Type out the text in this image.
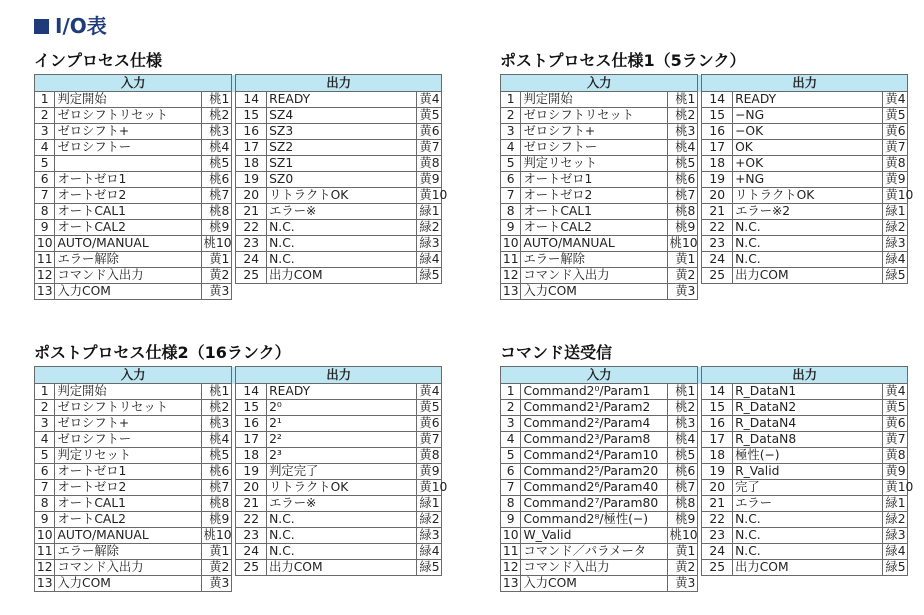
I/O表
インプロセス仕様
入力				出力		
1	判定開始	桃1		14	READY	黄4
2	ゼロシフトリセット	桃2		15	SZ4	黄5
3	ゼロシフト+	桃3		16	SZ3	黄6
4	ゼロシフトー	桃4		17	SZ2	黄7
5		桃5		18	SZ1	黄8
6	オートゼロ1	桃6		19	SZ0	黄9
7	オートゼロ2	桃7		20	リトラクトOK	黄10
8	オートCAL1	桃8		21	エラー※	緑1
9	オートCAL2	桃9		22	N.C.	緑2
10	AUTO/MANUAL	桃10		23	N.C.	緑3
11	エラー解除	黄1		24	N.C.	緑4
12	コマンド入出力	黄2		25	出力COM	緑5
13	入力COM	黄3				
ポストプロセス仕様1（5ランク）
入力				出力		
1	判定開始	桃1		14	READY	黄4
2	ゼロシフトリセット	桃2		15	−NG	黄5
3	ゼロシフト+	桃3		16	−OK	黄6
4	ゼロシフトー	桃4		17	OK	黄7
5	判定リセット	桃5		18	+OK	黄8
6	オートゼロ1	桃6		19	+NG	黄9
7	オートゼロ2	桃7		20	リトラクトOK	黄10
8	オートCAL1	桃8		21	エラー※2	緑1
9	オートCAL2	桃9		22	N.C.	緑2
10	AUTO/MANUAL	桃10		23	N.C.	緑3
11	エラー解除	黄1		24	N.C.	緑4
12	コマンド入出力	黄2		25	出力COM	緑5
13	入力COM	黄3				
ポストプロセス仕様2（16ランク）
入力				出力		
1	判定開始	桃1		14	READY	黄4
2	ゼロシフトリセット	桃2		15	2⁰	黄5
3	ゼロシフト+	桃3		16	2¹	黄6
4	ゼロシフトー	桃4		17	2²	黄7
5	判定リセット	桃5		18	2³	黄8
6	オートゼロ1	桃6		19	判定完了	黄9
7	オートゼロ2	桃7		20	リトラクトOK	黄10
8	オートCAL1	桃8		21	エラー※	緑1
9	オートCAL2	桃9		22	N.C.	緑2
10	AUTO/MANUAL	桃10		23	N.C.	緑3
11	エラー解除	黄1		24	N.C.	緑4
12	コマンド入出力	黄2		25	出力COM	緑5
13	入力COM	黄3				
コマンド送受信
入力				出力		
1	Command2⁰/Param1	桃1		14	R_DataN1	黄4
2	Command2¹/Param2	桃2		15	R_DataN2	黄5
3	Command2²/Param4	桃3		16	R_DataN4	黄6
4	Command2³/Param8	桃4		17	R_DataN8	黄7
5	Command2⁴/Param10	桃5		18	極性(−)	黄8
6	Command2⁵/Param20	桃6		19	R_Valid	黄9
7	Command2⁶/Param40	桃7		20	完了	黄10
8	Command2⁷/Param80	桃8		21	エラー	緑1
9	Command2⁸/極性(−)	桃9		22	N.C.	緑2
10	W_Valid	桃10		23	N.C.	緑3
11	コマンド／パラメータ	黄1		24	N.C.	緑4
12	コマンド入出力	黄2		25	出力COM	緑5
13	入力COM	黄3				
